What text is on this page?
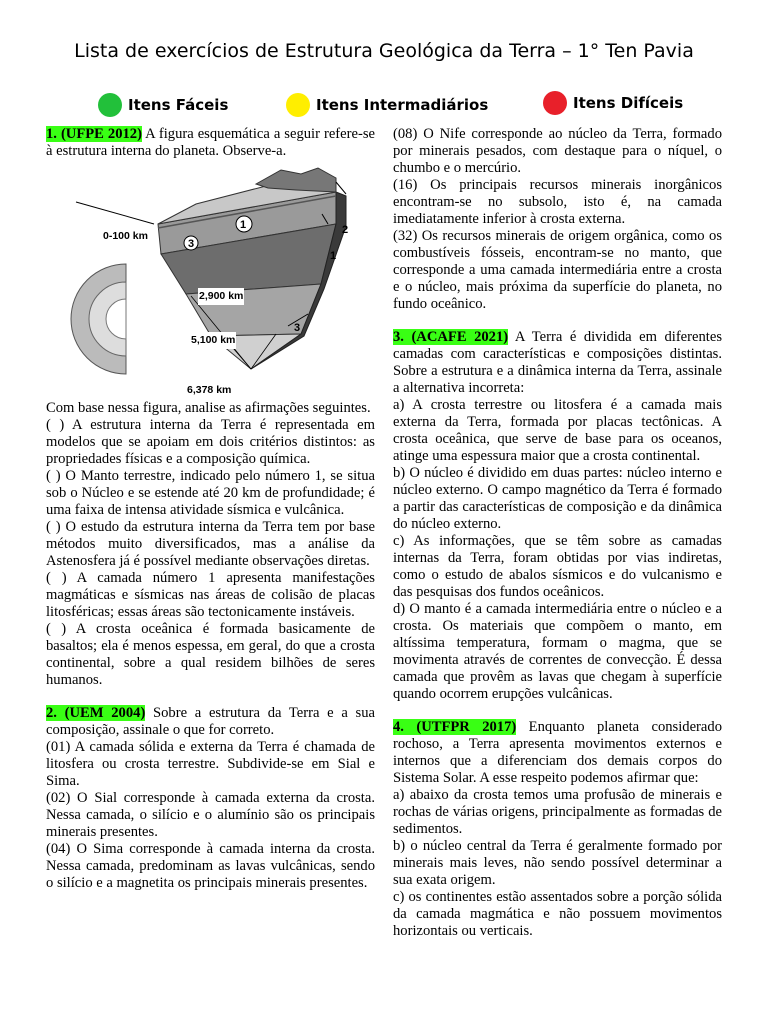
Lista de exercícios de Estrutura Geológica da Terra – 1° Ten Pavia
Itens Fáceis	Itens Intermadiários	Itens Difíceis

1. (UFPE 2012) A figura esquemática a seguir refere-se à estrutura interna do planeta. Observe-a.

0-100 km
2,900 km
5,100 km
6,378 km
1	2
1
3
3

Com base nessa figura, analise as afirmações seguintes.

( ) A estrutura interna da Terra é representada em modelos que se apoiam em dois critérios distintos: as propriedades físicas e a composição química.

( ) O Manto terrestre, indicado pelo número 1, se situa sob o Núcleo e se estende até 20 km de profundidade; é uma faixa de intensa atividade sísmica e vulcânica.

( ) O estudo da estrutura interna da Terra tem por base métodos muito diversificados, mas a análise da Astenosfera já é possível mediante observações diretas.

( ) A camada número 1 apresenta manifestações magmáticas e sísmicas nas áreas de colisão de placas litosféricas; essas áreas são tectonicamente instáveis.

( ) A crosta oceânica é formada basicamente de basaltos; ela é menos espessa, em geral, do que a crosta continental, sobre a qual residem bilhões de seres humanos.

2. (UEM 2004) Sobre a estrutura da Terra e a sua composição, assinale o que for correto.

(01) A camada sólida e externa da Terra é chamada de litosfera ou crosta terrestre. Subdivide-se em Sial e Sima.

(02) O Sial corresponde à camada externa da crosta. Nessa camada, o silício e o alumínio são os principais minerais presentes.

(04) O Sima corresponde à camada interna da crosta. Nessa camada, predominam as lavas vulcânicas, sendo o silício e a magnetita os principais minerais presentes.

(08) O Nife corresponde ao núcleo da Terra, formado por minerais pesados, com destaque para o níquel, o chumbo e o mercúrio.

(16) Os principais recursos minerais inorgânicos encontram-se no subsolo, isto é, na camada imediatamente inferior à crosta externa.

(32) Os recursos minerais de origem orgânica, como os combustíveis fósseis, encontram-se no manto, que corresponde a uma camada intermediária entre a crosta e o núcleo, mais próxima da superfície do planeta, no fundo oceânico.

3. (ACAFE 2021) A Terra é dividida em diferentes camadas com características e composições distintas. Sobre a estrutura e a dinâmica interna da Terra, assinale a alternativa incorreta:

a) A crosta terrestre ou litosfera é a camada mais externa da Terra, formada por placas tectônicas. A crosta oceânica, que serve de base para os oceanos, atinge uma espessura maior que a crosta continental.

b) O núcleo é dividido em duas partes: núcleo interno e núcleo externo. O campo magnético da Terra é formado a partir das características de composição e da dinâmica do núcleo externo.

c) As informações, que se têm sobre as camadas internas da Terra, foram obtidas por vias indiretas, como o estudo de abalos sísmicos e do vulcanismo e das pesquisas dos fundos oceânicos.

d) O manto é a camada intermediária entre o núcleo e a crosta. Os materiais que compõem o manto, em altíssima temperatura, formam o magma, que se movimenta através de correntes de convecção. É dessa camada que provêm as lavas que chegam à superfície quando ocorrem erupções vulcânicas.

4. (UTFPR 2017) Enquanto planeta considerado rochoso, a Terra apresenta movimentos externos e internos que a diferenciam dos demais corpos do Sistema Solar. A esse respeito podemos afirmar que:

a) abaixo da crosta temos uma profusão de minerais e rochas de várias origens, principalmente as formadas de sedimentos.

b) o núcleo central da Terra é geralmente formado por minerais mais leves, não sendo possível determinar a sua exata origem.

c) os continentes estão assentados sobre a porção sólida da camada magmática e não possuem movimentos horizontais ou verticais.
